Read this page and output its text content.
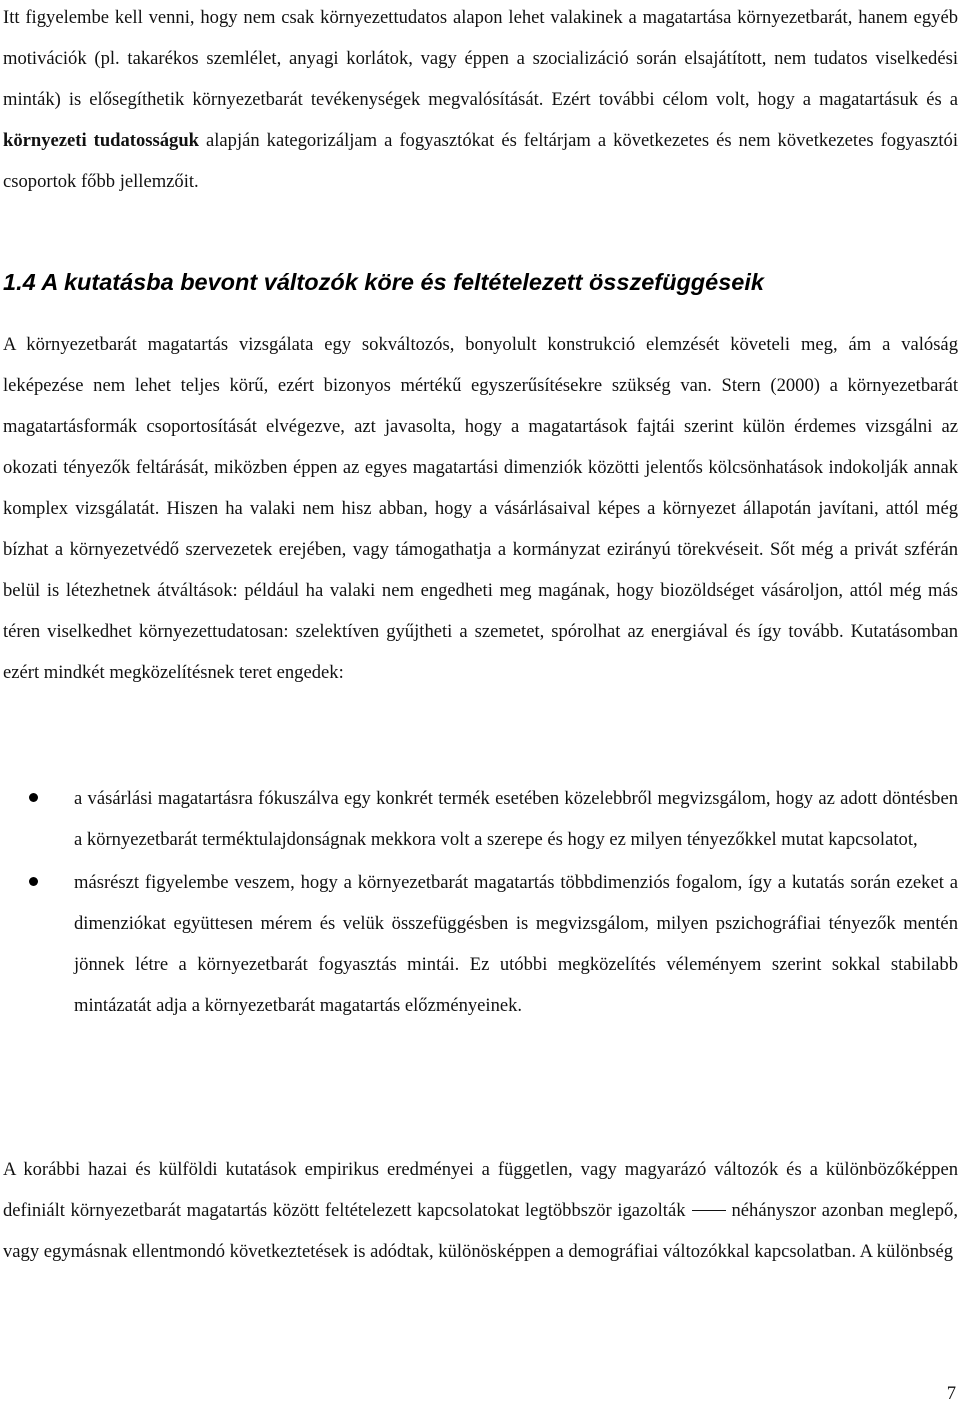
Itt figyelembe kell venni, hogy nem csak környezettudatos alapon lehet valakinek a magatartása környezetbarát, hanem egyéb motivációk (pl. takarékos szemlélet, anyagi korlátok, vagy éppen a szocializáció során elsajátított, nem tudatos viselkedési minták) is elősegíthetik környezetbarát tevékenységek megvalósítását. Ezért további célom volt, hogy a magatartásuk és a környezeti tudatosságuk alapján kategorizáljam a fogyasztókat és feltárjam a következetes és nem következetes fogyasztói csoportok főbb jellemzőit.

1.4 A kutatásba bevont változók köre és feltételezett összefüggéseik

A környezetbarát magatartás vizsgálata egy sokváltozós, bonyolult konstrukció elemzését követeli meg, ám a valóság leképezése nem lehet teljes körű, ezért bizonyos mértékű egyszerűsítésekre szükség van. Stern (2000) a környezetbarát magatartásformák csoportosítását elvégezve, azt javasolta, hogy a magatartások fajtái szerint külön érdemes vizsgálni az okozati tényezők feltárását, miközben éppen az egyes magatartási dimenziók közötti jelentős kölcsönhatások indokolják annak komplex vizsgálatát. Hiszen ha valaki nem hisz abban, hogy a vásárlásaival képes a környezet állapotán javítani, attól még bízhat a környezetvédő szervezetek erejében, vagy támogathatja a kormányzat ezirányú törekvéseit. Sőt még a privát szférán belül is létezhetnek átváltások: például ha valaki nem engedheti meg magának, hogy biozöldséget vásároljon, attól még más téren viselkedhet környezettudatosan: szelektíven gyűjtheti a szemetet, spórolhat az energiával és így tovább. Kutatásomban ezért mindkét megközelítésnek teret engedek:

a vásárlási magatartásra fókuszálva egy konkrét termék esetében közelebbről megvizsgálom, hogy az adott döntésben a környezetbarát terméktulajdonságnak mekkora volt a szerepe és hogy ez milyen tényezőkkel mutat kapcsolatot,
másrészt figyelembe veszem, hogy a környezetbarát magatartás többdimenziós fogalom, így a kutatás során ezeket a dimenziókat együttesen mérem és velük összefüggésben is megvizsgálom, milyen pszichográfiai tényezők mentén jönnek létre a környezetbarát fogyasztás mintái. Ez utóbbi megközelítés véleményem szerint sokkal stabilabb mintázatát adja a környezetbarát magatartás előzményeinek.

A korábbi hazai és külföldi kutatások empirikus eredményei a független, vagy magyarázó változók és a különbözőképpen definiált környezetbarát magatartás között feltételezett kapcsolatokat legtöbbször igazolták néhányszor azonban meglepő, vagy egymásnak ellentmondó következtetések is adódtak, különösképpen a demográfiai változókkal kapcsolatban. A különbség

7
